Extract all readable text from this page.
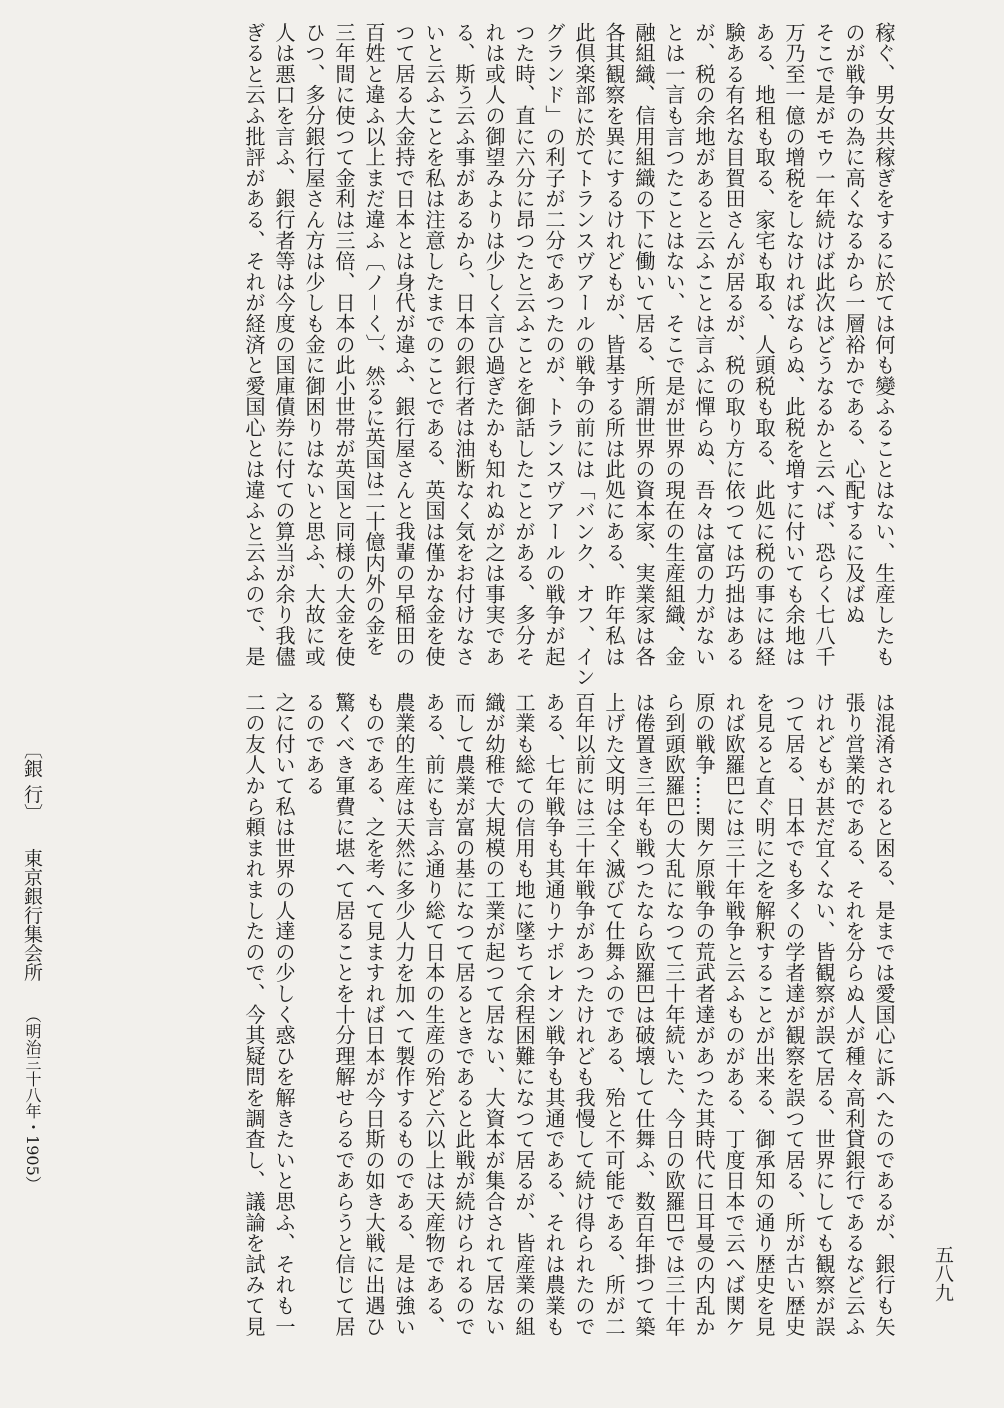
稼ぐ、男女共稼ぎをするに於ては何も變ふることはない、生産したも
のが戦争の為に高くなるから一層裕かである、心配するに及ばぬ
そこで是がモウ一年続けば此次はどうなるかと云へば、恐らく七八千
万乃至一億の增税をしなければならぬ、此税を増すに付いても余地は
ある、地租も取る、家宅も取る、人頭税も取る、此処に税の事には経
験ある有名な目賀田さんが居るが、税の取り方に依つては巧拙はある
が、税の余地があると云ふことは言ふに憚らぬ、吾々は富の力がない
とは一言も言つたことはない、そこで是が世界の現在の生産組織、金
融組織、信用組織の下に働いて居る、所謂世界の資本家、実業家は各
各其観察を異にするけれどもが、皆基する所は此処にある、昨年私は
此倶楽部に於てトランスヴアールの戦争の前には「バンク、オフ、イン
グランド」の利子が二分であつたのが、トランスヴアールの戦争が起
つた時、直に六分に昂つたと云ふことを御話したことがある、多分そ
れは或人の御望みよりは少しく言ひ過ぎたかも知れぬが之は事実であ
る、斯う云ふ事があるから、日本の銀行者は油断なく気をお付けなさ
いと云ふことを私は注意したまでのことである、英国は僅かな金を使
つて居る大金持で日本とは身代が違ふ、銀行屋さんと我輩の早稲田の
百姓と違ふ以上まだ違ふ〔ノ－く〕、然るに英国は二十億内外の金を
三年間に使つて金利は三倍、日本の此小世帯が英国と同様の大金を使
ひつ、多分銀行屋さん方は少しも金に御困りはないと思ふ、大故に或
人は悪口を言ふ、銀行者等は今度の国庫債券に付ての算当が余り我儘
ぎると云ふ批評がある、それが経済と愛国心とは違ふと云ふので、是
は混淆されると困る、是までは愛国心に訴へたのであるが、銀行も矢
張り営業的である、それを分らぬ人が種々高利貸銀行であるなど云ふ
けれどもが甚だ宜くない、皆観察が誤て居る、世界にしても観察が誤
つて居る、日本でも多くの学者達が観察を誤つて居る、所が古い歴史
を見ると直ぐ明に之を解釈することが出来る、御承知の通り歴史を見
れば欧羅巴には三十年戦争と云ふものがある、丁度日本で云へば関ケ
原の戦争……関ケ原戦争の荒武者達があつた其時代に日耳曼の内乱か
ら到頭欧羅巴の大乱になつて三十年続いた、今日の欧羅巴では三十年
は倦置き三年も戦つたなら欧羅巴は破壊して仕舞ふ、数百年掛つて築
上げた文明は全く滅びて仕舞ふのである、殆と不可能である、所が二
百年以前には三十年戦争があつたけれども我慢して続け得られたので
ある、七年戦争も其通りナポレオン戦争も其通である、それは農業も
工業も総ての信用も地に墜ちて余程困難になつて居るが、皆産業の組
織が幼稚で大規模の工業が起つて居ない、大資本が集合されて居ない
而して農業が富の基になつて居るときであると此戦が続けられるので
ある、前にも言ふ通り総て日本の生産の殆ど六以上は天産物である、
農業的生産は天然に多少人力を加へて製作するものである、是は強い
ものである、之を考へて見ますれば日本が今日斯の如き大戦に出遇ひ
驚くべき軍費に堪へて居ることを十分理解せらるであらうと信じて居
るのである
之に付いて私は世界の人達の少しく惑ひを解きたいと思ふ、それも一
二の友人から頼まれましたので、今其疑問を調査し、議論を試みて見
〔銀 行〕東京銀行集会所（明治三十八年・1905）
五八九
